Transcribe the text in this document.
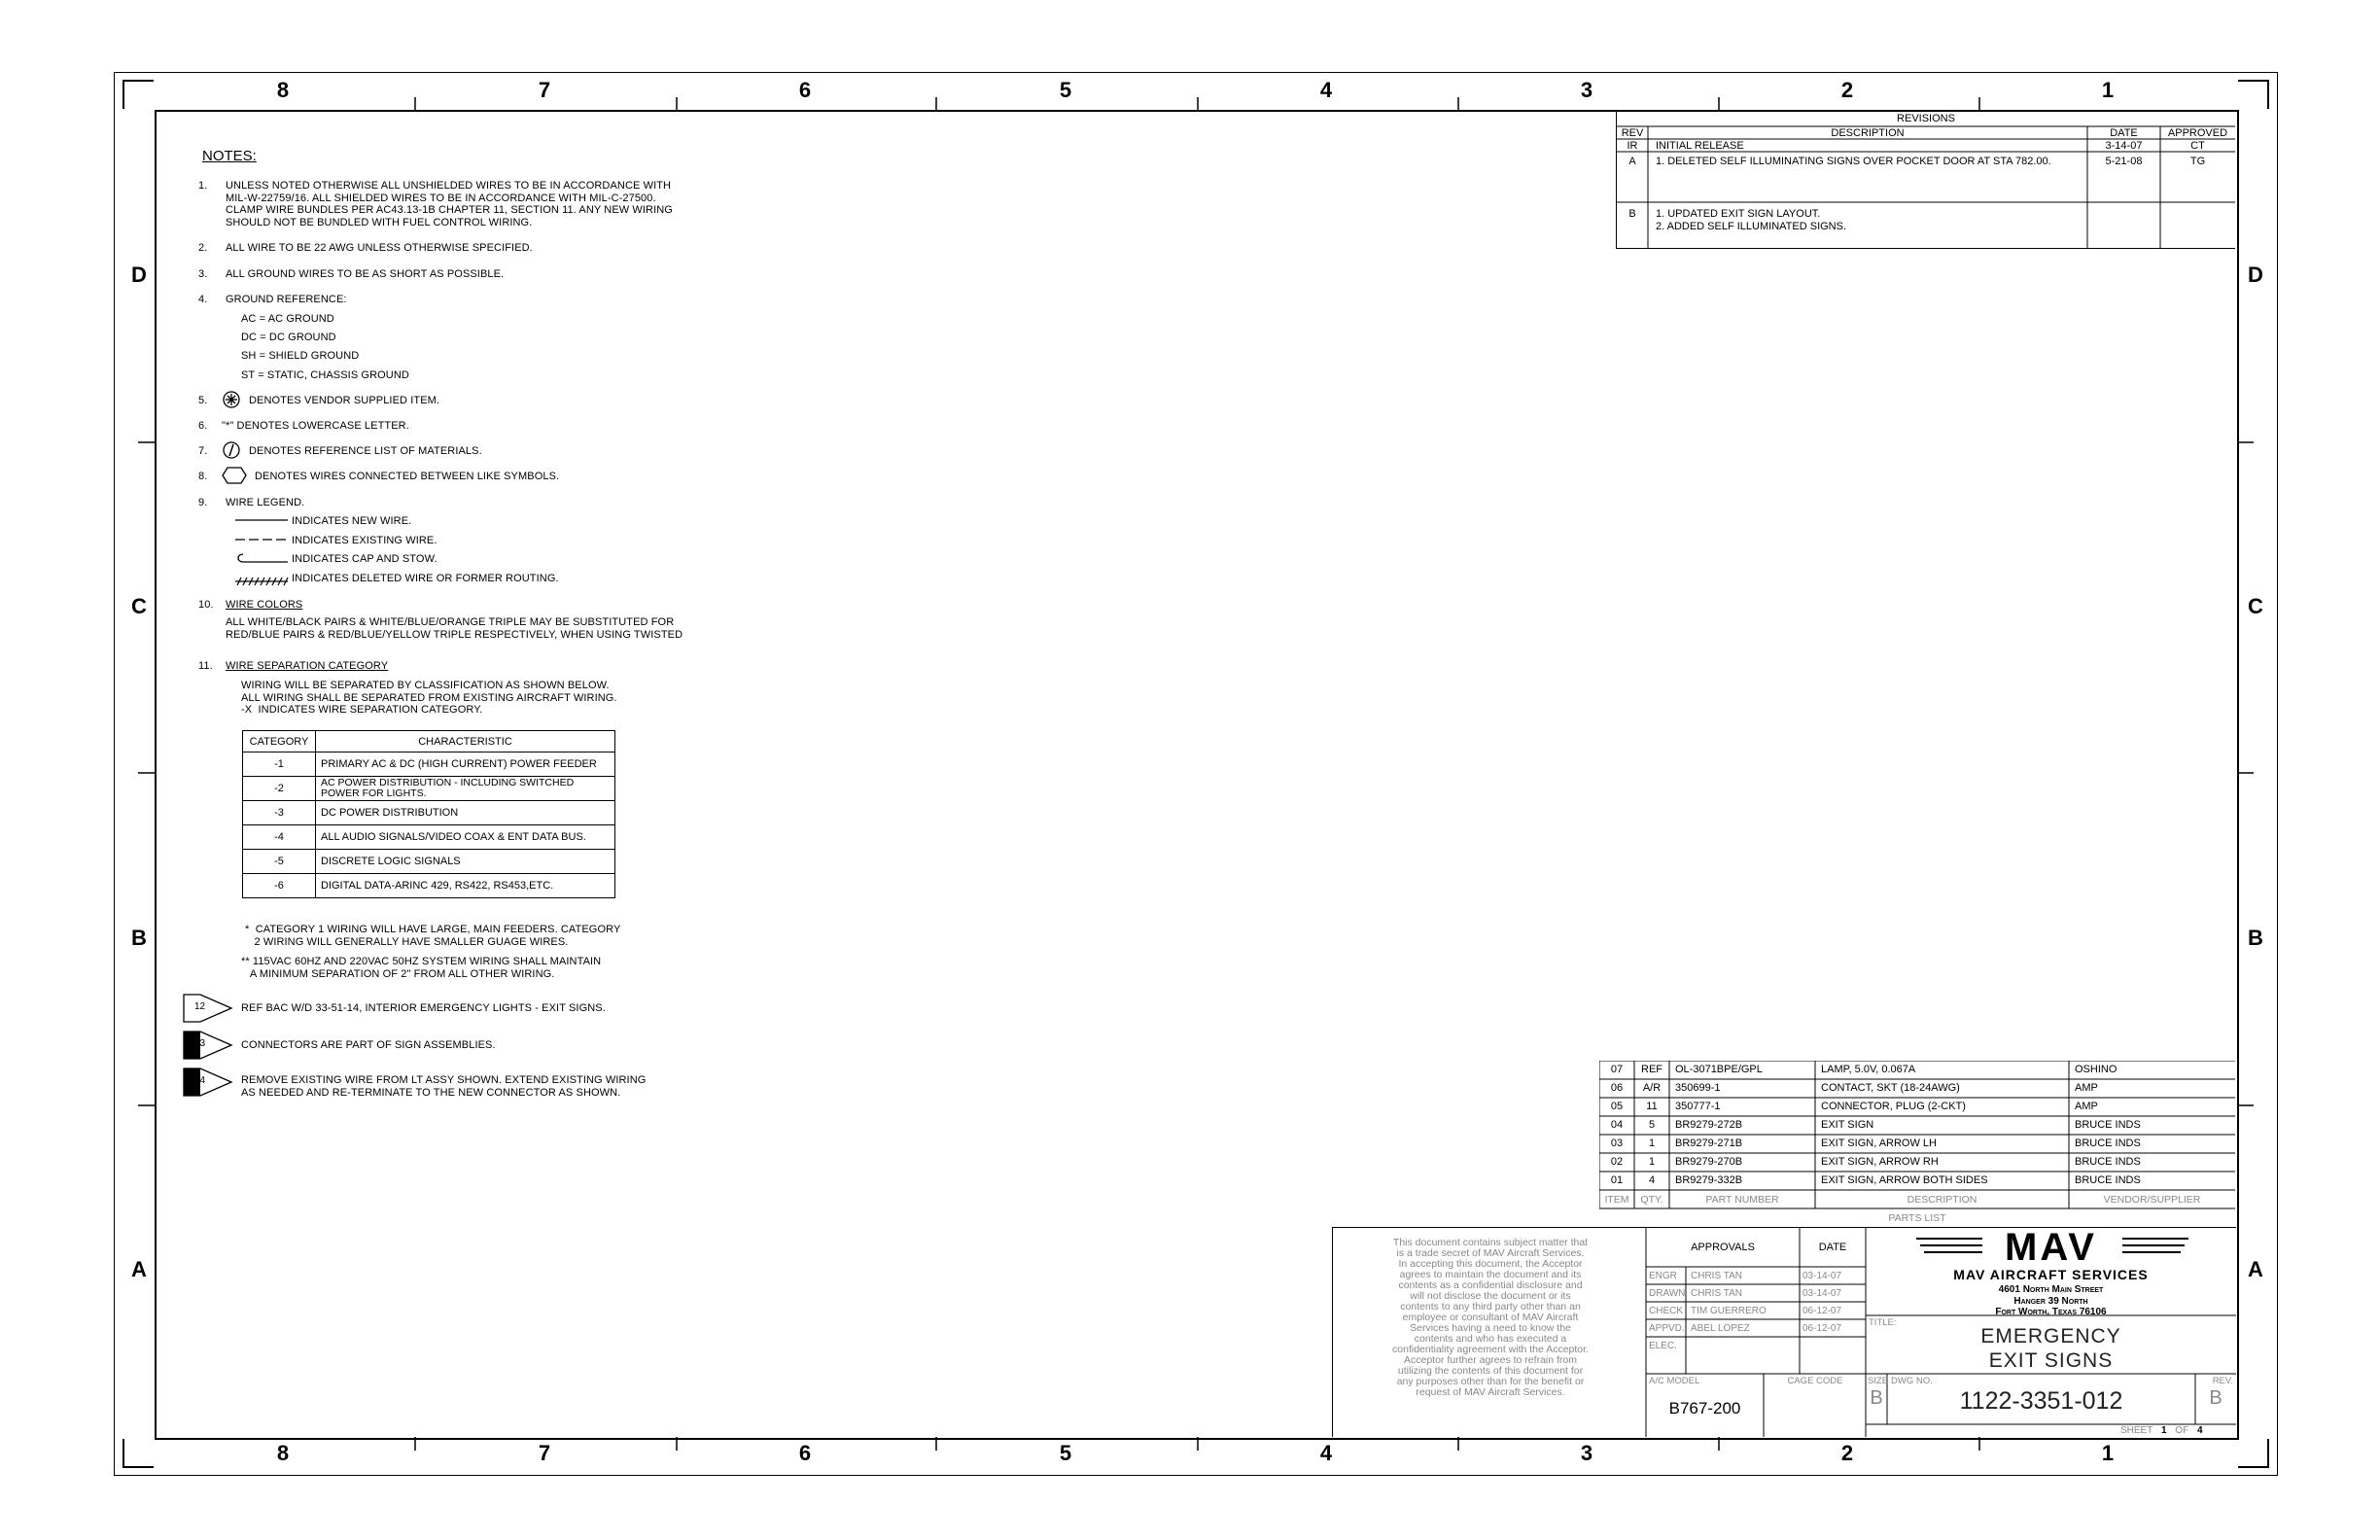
8	7	6	5	4	3	2	1
8	7	6	5	4	3	2	1
D
C
B
A
D
C
B
A
NOTES:
1. UNLESS NOTED OTHERWISE ALL UNSHIELDED WIRES TO BE IN ACCORDANCE WITH
MIL-W-22759/16. ALL SHIELDED WIRES TO BE IN ACCORDANCE WITH MIL-C-27500.
CLAMP WIRE BUNDLES PER AC43.13-1B CHAPTER 11, SECTION 11. ANY NEW WIRING
SHOULD NOT BE BUNDLED WITH FUEL CONTROL WIRING.
2. ALL WIRE TO BE 22 AWG UNLESS OTHERWISE SPECIFIED.
3. ALL GROUND WIRES TO BE AS SHORT AS POSSIBLE.
4. GROUND REFERENCE:
AC = AC GROUND
DC = DC GROUND
SH = SHIELD GROUND
ST = STATIC, CHASSIS GROUND
5.	DENOTES VENDOR SUPPLIED ITEM.
6. "*" DENOTES LOWERCASE LETTER.
7.	DENOTES REFERENCE LIST OF MATERIALS.
8.	DENOTES WIRES CONNECTED BETWEEN LIKE SYMBOLS.
9. WIRE LEGEND.
INDICATES NEW WIRE.
INDICATES EXISTING WIRE.
INDICATES CAP AND STOW.
INDICATES DELETED WIRE OR FORMER ROUTING.
10. WIRE COLORS
ALL WHITE/BLACK PAIRS & WHITE/BLUE/ORANGE TRIPLE MAY BE SUBSTITUTED FOR
RED/BLUE PAIRS & RED/BLUE/YELLOW TRIPLE RESPECTIVELY, WHEN USING TWISTED
11. WIRE SEPARATION CATEGORY
WIRING WILL BE SEPARATED BY CLASSIFICATION AS SHOWN BELOW.
ALL WIRING SHALL BE SEPARATED FROM EXISTING AIRCRAFT WIRING.
-X  INDICATES WIRE SEPARATION CATEGORY.
CATEGORY	CHARACTERISTIC
-1	PRIMARY AC & DC (HIGH CURRENT) POWER FEEDER
-2	AC POWER DISTRIBUTION - INCLUDING SWITCHED
POWER FOR LIGHTS.
-3	DC POWER DISTRIBUTION
-4	ALL AUDIO SIGNALS/VIDEO COAX & ENT DATA BUS.
-5	DISCRETE LOGIC SIGNALS
-6	DIGITAL DATA-ARINC 429, RS422, RS453,ETC.
*  CATEGORY 1 WIRING WILL HAVE LARGE, MAIN FEEDERS. CATEGORY
2 WIRING WILL GENERALLY HAVE SMALLER GUAGE WIRES.
** 115VAC 60HZ AND 220VAC 50HZ SYSTEM WIRING SHALL MAINTAIN
A MINIMUM SEPARATION OF 2" FROM ALL OTHER WIRING.
12	REF BAC W/D 33-51-14, INTERIOR EMERGENCY LIGHTS - EXIT SIGNS.
13	CONNECTORS ARE PART OF SIGN ASSEMBLIES.
14	REMOVE EXISTING WIRE FROM LT ASSY SHOWN. EXTEND EXISTING WIRING
AS NEEDED AND RE-TERMINATE TO THE NEW CONNECTOR AS SHOWN.
REVISIONS
REV	DESCRIPTION	DATE	APPROVED
IR	INITIAL RELEASE	3-14-07	CT
A	1. DELETED SELF ILLUMINATING SIGNS OVER POCKET DOOR AT STA 782.00.	5-21-08	TG
B	1. UPDATED EXIT SIGN LAYOUT.
2. ADDED SELF ILLUMINATED SIGNS.
07	REF	OL-3071BPE/GPL	LAMP, 5.0V, 0.067A	OSHINO
06	A/R	350699-1	CONTACT, SKT (18-24AWG)	AMP
05	11	350777-1	CONNECTOR, PLUG (2-CKT)	AMP
04	5	BR9279-272B	EXIT SIGN	BRUCE INDS
03	1	BR9279-271B	EXIT SIGN, ARROW LH	BRUCE INDS
02	1	BR9279-270B	EXIT SIGN, ARROW RH	BRUCE INDS
01	4	BR9279-332B	EXIT SIGN, ARROW BOTH SIDES	BRUCE INDS
ITEM	QTY.	PART NUMBER	DESCRIPTION	VENDOR/SUPPLIER
PARTS LIST
This document contains subject matter that
is a trade secret of MAV Aircraft Services.
In accepting this document, the Acceptor
agrees to maintain the document and its
contents as a confidential disclosure and
will not disclose the document or its
contents to any third party other than an
employee or consultant of MAV Aircraft
Services having a need to know the
contents and who has executed a
confidentiality agreement with the Acceptor.
Acceptor further agrees to refrain from
utilizing the contents of this document for
any purposes other than for the benefit or
request of MAV Aircraft Services.
APPROVALS	DATE
ENGR CHRIS TAN	03-14-07
DRAWN CHRIS TAN	03-14-07
CHECK TIM GUERRERO	06-12-07
APPVD. ABEL LOPEZ	06-12-07
ELEC.
MAV
MAV AIRCRAFT SERVICES
4601 North Main Street
Hanger 39 North
Fort Worth, Texas 76106
TITLE:
EMERGENCY
EXIT SIGNS
A/C MODEL
B767-200
CAGE CODE	SIZE
B
DWG NO.
1122-3351-012
REV.
B
SHEET 1 OF 4
